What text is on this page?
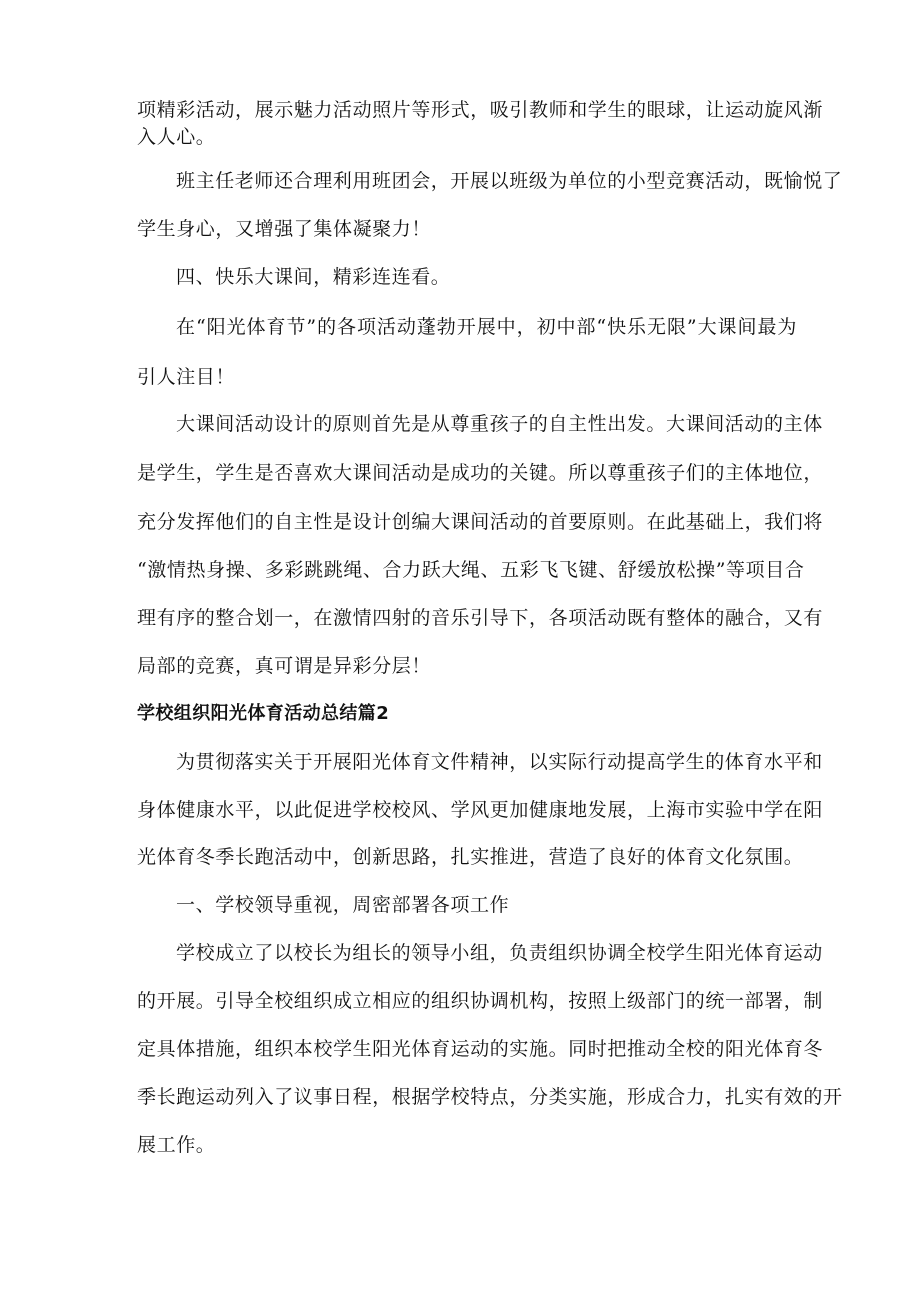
项精彩活动，展示魅力活动照片等形式，吸引教师和学生的眼球，让运动旋风渐
入人心。
班主任老师还合理利用班团会，开展以班级为单位的小型竞赛活动，既愉悦了
学生身心，又增强了集体凝聚力！
四、快乐大课间，精彩连连看。
在“阳光体育节”的各项活动蓬勃开展中，初中部“快乐无限”大课间最为
引人注目！
大课间活动设计的原则首先是从尊重孩子的自主性出发。大课间活动的主体
是学生，学生是否喜欢大课间活动是成功的关键。所以尊重孩子们的主体地位，
充分发挥他们的自主性是设计创编大课间活动的首要原则。在此基础上，我们将
“激情热身操、多彩跳跳绳、合力跃大绳、五彩飞飞键、舒缓放松操”等项目合
理有序的整合划一，在激情四射的音乐引导下，各项活动既有整体的融合，又有
局部的竞赛，真可谓是异彩分层！
学校组织阳光体育活动总结篇2
为贯彻落实关于开展阳光体育文件精神，以实际行动提高学生的体育水平和
身体健康水平，以此促进学校校风、学风更加健康地发展，上海市实验中学在阳
光体育冬季长跑活动中，创新思路，扎实推进，营造了良好的体育文化氛围。
一、学校领导重视，周密部署各项工作
学校成立了以校长为组长的领导小组，负责组织协调全校学生阳光体育运动
的开展。引导全校组织成立相应的组织协调机构，按照上级部门的统一部署，制
定具体措施，组织本校学生阳光体育运动的实施。同时把推动全校的阳光体育冬
季长跑运动列入了议事日程，根据学校特点，分类实施，形成合力，扎实有效的开
展工作。
